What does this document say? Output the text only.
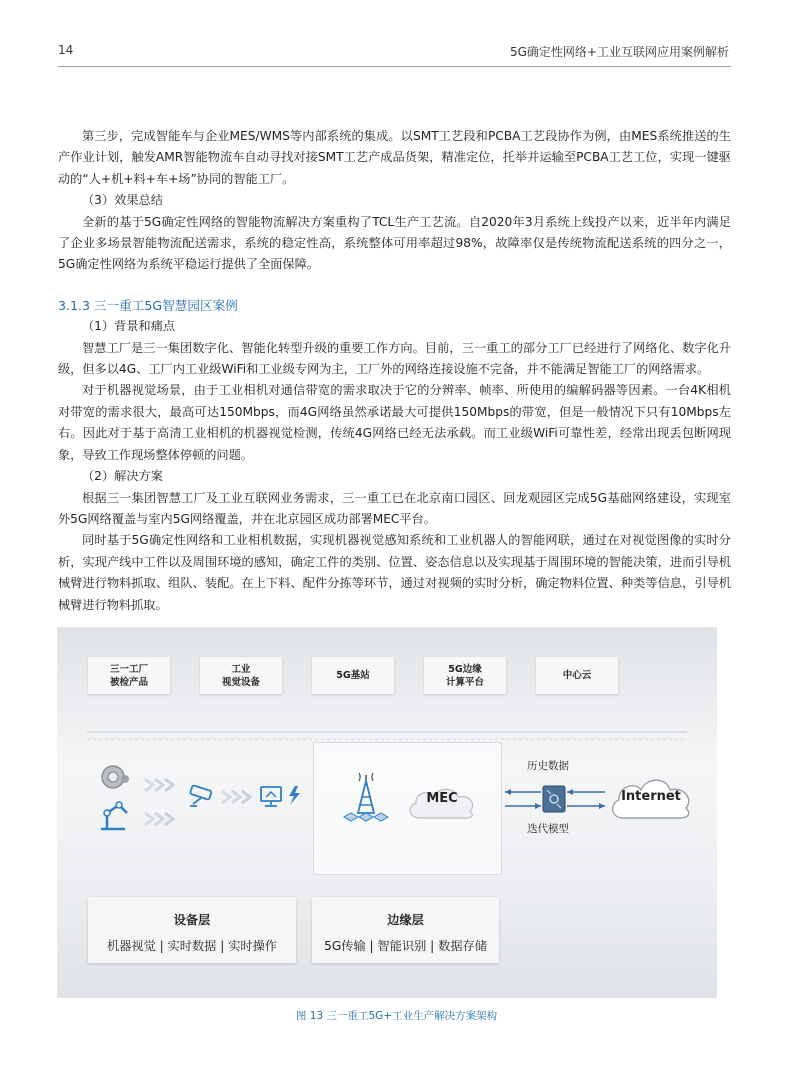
14	5G确定性网络+工业互联网应用案例解析

第三步，完成智能车与企业MES/WMS等内部系统的集成。以SMT工艺段和PCBA工艺段协作为例，由MES系统推送的生产作业计划，触发AMR智能物流车自动寻找对接SMT工艺产成品货架，精准定位，托举并运输至PCBA工艺工位，实现一键驱动的“人+机+料+车+场”协同的智能工厂。

（3）效果总结

全新的基于5G确定性网络的智能物流解决方案重构了TCL生产工艺流。自2020年3月系统上线投产以来，近半年内满足了企业多场景智能物流配送需求，系统的稳定性高，系统整体可用率超过98%，故障率仅是传统物流配送系统的四分之一，5G确定性网络为系统平稳运行提供了全面保障。

3.1.3 三一重工5G智慧园区案例

（1）背景和痛点

智慧工厂是三一集团数字化、智能化转型升级的重要工作方向。目前，三一重工的部分工厂已经进行了网络化、数字化升级，但多以4G、工厂内工业级WiFi和工业级专网为主，工厂外的网络连接设施不完备，并不能满足智能工厂的网络需求。

对于机器视觉场景，由于工业相机对通信带宽的需求取决于它的分辨率、帧率、所使用的编解码器等因素。一台4K相机对带宽的需求很大，最高可达150Mbps，而4G网络虽然承诺最大可提供150Mbps的带宽，但是一般情况下只有10Mbps左右。因此对于基于高清工业相机的机器视觉检测，传统4G网络已经无法承载。而工业级WiFi可靠性差，经常出现丢包断网现象，导致工作现场整体停顿的问题。

（2）解决方案

根据三一集团智慧工厂及工业互联网业务需求，三一重工已在北京南口园区、回龙观园区完成5G基础网络建设，实现室外5G网络覆盖与室内5G网络覆盖，并在北京园区成功部署MEC平台。

同时基于5G确定性网络和工业相机数据，实现机器视觉感知系统和工业机器人的智能网联，通过在对视觉图像的实时分析，实现产线中工件以及周围环境的感知，确定工件的类别、位置、姿态信息以及实现基于周围环境的智能决策，进而引导机械臂进行物料抓取、组队、装配。在上下料、配件分拣等环节，通过对视频的实时分析，确定物料位置、种类等信息，引导机械臂进行物料抓取。

三一工厂
被检产品
工业
视觉设备
5G基站
5G边缘
计算平台
中心云
MEC
历史数据
迭代模型
Internet
设备层
机器视觉 | 实时数据 | 实时操作
边缘层
5G传输 | 智能识别 | 数据存储
图 13 三一重工5G+工业生产解决方案架构
